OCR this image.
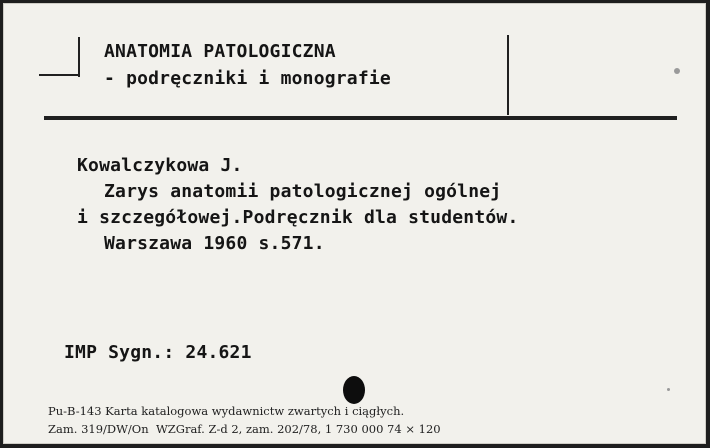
ANATOMIA PATOLOGICZNA
- podręczniki i monografie
Kowalczykowa J.
Zarys anatomii patologicznej ogólnej
i szczegółowej.Podręcznik dla studentów.
Warszawa 1960 s.571.
IMP Sygn.: 24.621
Pu-B-143 Karta katalogowa wydawnictw zwartych i ciągłych.
Zam. 319/DW/On  WZGraf. Z-d 2, zam. 202/78, 1 730 000 74 × 120
